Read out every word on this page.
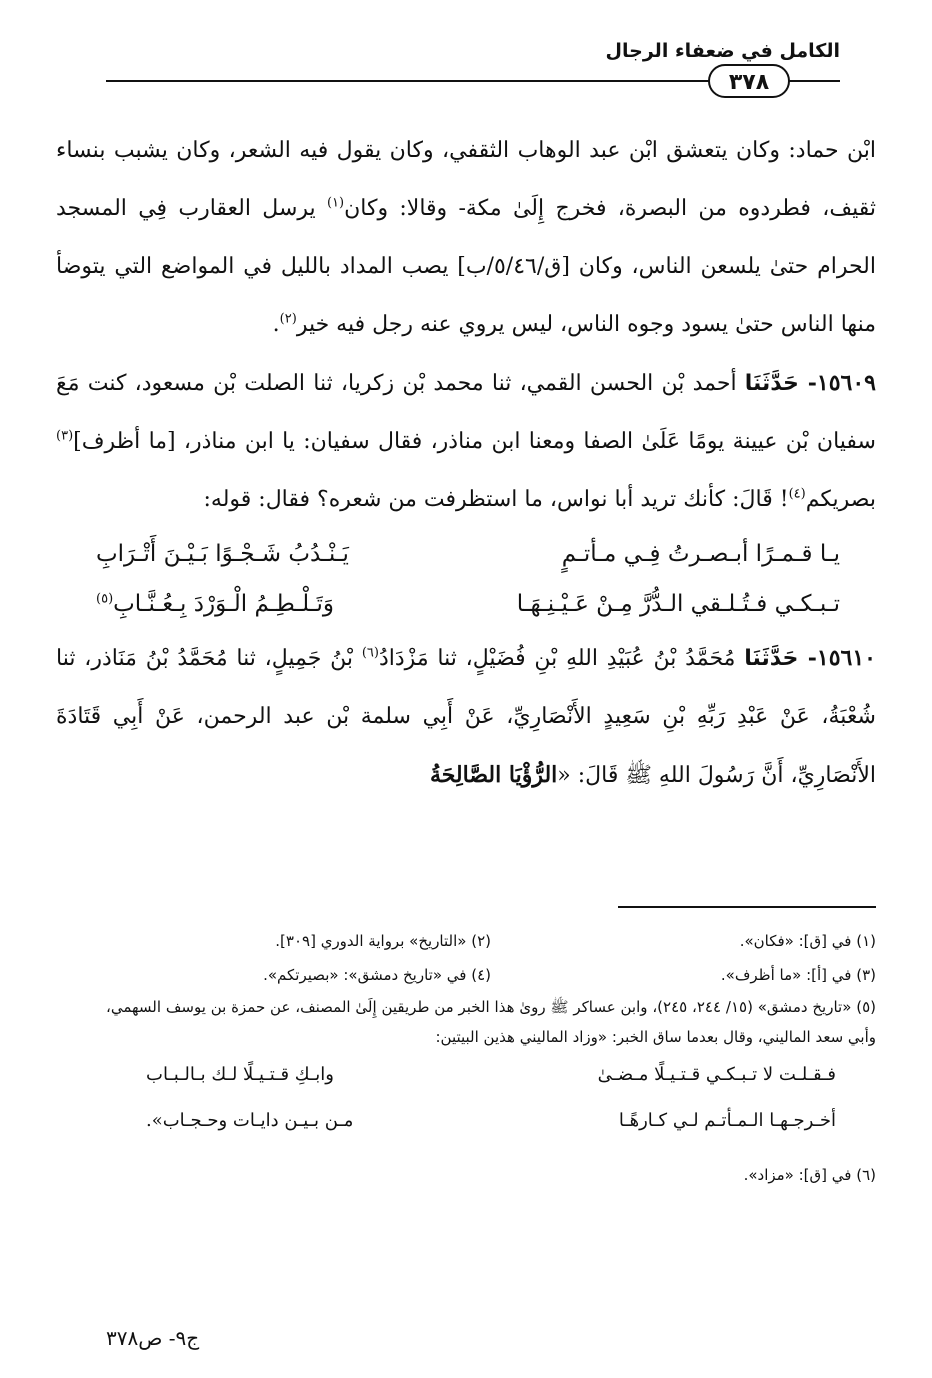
الكامل في ضعفاء الرجال
٣٧٨

ابْن حماد: وكان يتعشق ابْن عبد الوهاب الثقفي، وكان يقول فيه الشعر، وكان يشبب بنساء ثقيف، فطردوه من البصرة، فخرج إِلَىٰ مكة- وقالا: وكان$^{(١)}$ يرسل العقارب فِي المسجد الحرام حتىٰ يلسعن الناس، وكان [ق/٥/٤٦/ب] يصب المداد بالليل في المواضع التي يتوضأ منها الناس حتىٰ يسود وجوه الناس، ليس يروي عنه رجل فيه خير$^{(٢)}$.

١٥٦٠٩- حَدَّثَنَا أحمد بْن الحسن القمي، ثنا محمد بْن زكريا، ثنا الصلت بْن مسعود، كنت مَعَ سفيان بْن عيينة يومًا عَلَىٰ الصفا ومعنا ابن مناذر، فقال سفيان: يا ابن مناذر، [ما أظرف]$^{(٣)}$ بصريكم$^{(٤)}$! قَالَ: كأنك تريد أبا نواس، ما استظرفت من شعره؟ فقال: قوله:

يـا قـمـرًا أبـصـرتُ فِـي مـأتـمٍ
يَـنْـدُبُ شَـجْـوًا بَـيْـنَ أَتْـرَابِ
تـبـكـي فـتُـلـقي الـدُّرَّ مِـنْ عَـيْـنِـهَـا
وَتَـلْـطِـمُ الْـوَرْدَ بِـعُـنَّـابِ$^{(٥)}$

١٥٦١٠- حَدَّثَنَا مُحَمَّدُ بْنُ عُبَيْدِ اللهِ بْنِ فُضَيْلٍ، ثنا مَزْدَادُ$^{(٦)}$ بْنُ جَمِيلٍ، ثنا مُحَمَّدُ بْنُ مَنَاذر، ثنا شُعْبَةُ، عَنْ عَبْدِ رَبِّهِ بْنِ سَعِيدٍ الأَنْصَارِيِّ، عَنْ أَبِي سلمة بْن عبد الرحمن، عَنْ أَبِي قَتَادَةَ الأَنْصَارِيِّ، أَنَّ رَسُولَ اللهِ ﷺ قَالَ: «الرُّؤْيَا الصَّالِحَةُ

(١) في [ق]: «فكان».
(٢) «التاريخ» برواية الدوري [٣٠٩].
(٣) في [أ]: «ما أظرف».
(٤) في «تاريخ دمشق»: «بصيرتكم».
(٥) «تاريخ دمشق» (١٥/ ٢٤٤، ٢٤٥)، وابن عساكر ﷺ روىٰ هذا الخبر من طريقين إِلَىٰ المصنف، عن حمزة بن يوسف السهمي، وأبي سعد الماليني، وقال بعدما ساق الخبر: «وزاد الماليني هذين البيتين:
فـقـلـت لا تـبـكـي قـتـيـلًا مـضـىٰ
وابـكِ قـتـيـلًا لـك بـالـبـاب
أخـرجـهـا الـمـأتـم لـي كـارهًـا
مـن بـيـن دايـات وحـجـاب».
(٦) في [ق]: «مزاد».
ج٩- ص٣٧٨
